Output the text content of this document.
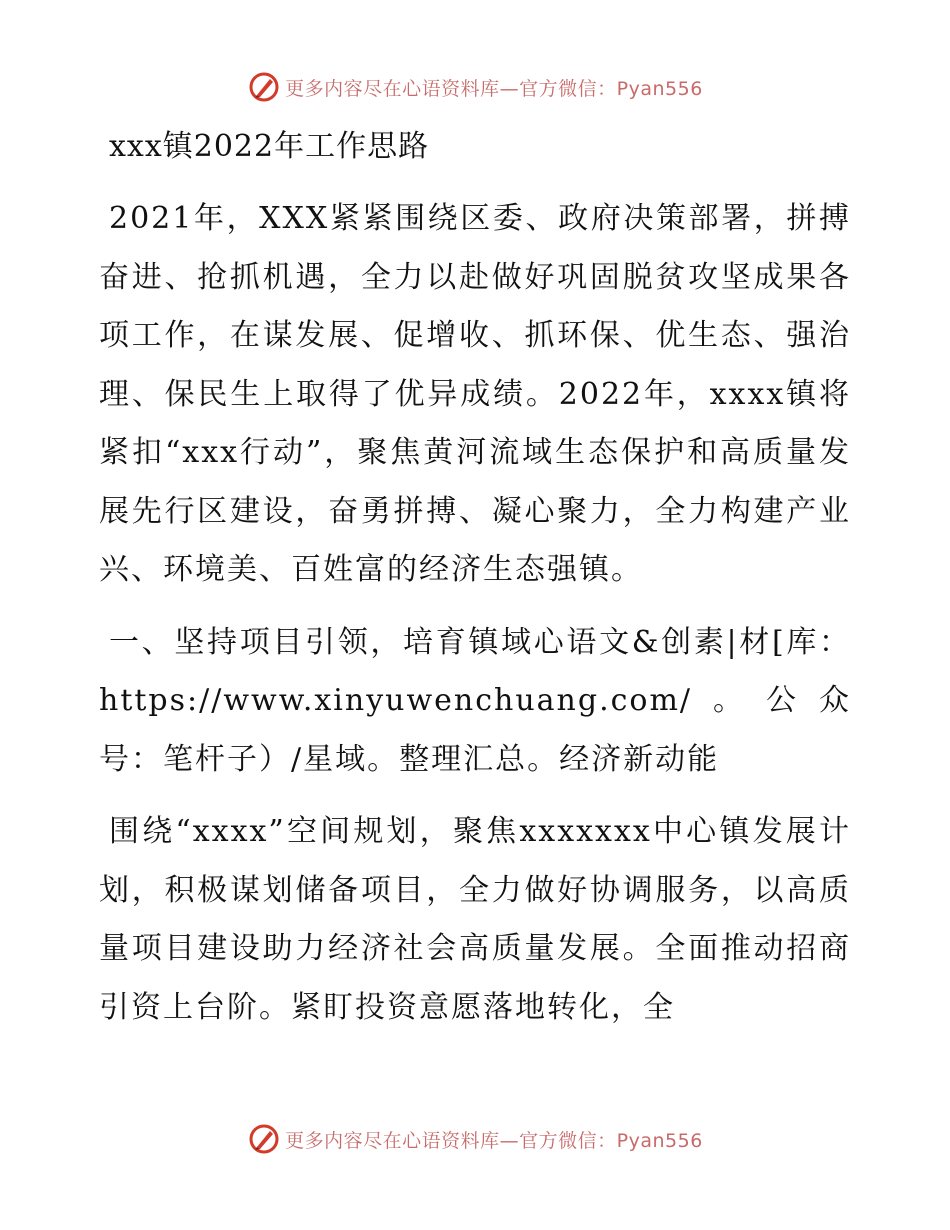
更多内容尽在心语资料库—官方微信：Pyan556

xxx镇2022年工作思路

2021年，XXX紧紧围绕区委、政府决策部署，拼搏奋进、抢抓机遇，全力以赴做好巩固脱贫攻坚成果各项工作，在谋发展、促增收、抓环保、优生态、强治理、保民生上取得了优异成绩。2022年，xxxx镇将紧扣“xxx行动”，聚焦黄河流域生态保护和高质量发展先行区建设，奋勇拼搏、凝心聚力，全力构建产业兴、环境美、百姓富的经济生态强镇。

一、坚持项目引领，培育镇域心语文&创素|材[库：https://www.xinyuwenchuang.com/。公众号：笔杆子）/星域。整理汇总。经济新动能

围绕“xxxx”空间规划，聚焦xxxxxxx中心镇发展计划，积极谋划储备项目，全力做好协调服务，以高质量项目建设助力经济社会高质量发展。全面推动招商引资上台阶。紧盯投资意愿落地转化，全

更多内容尽在心语资料库—官方微信：Pyan556
